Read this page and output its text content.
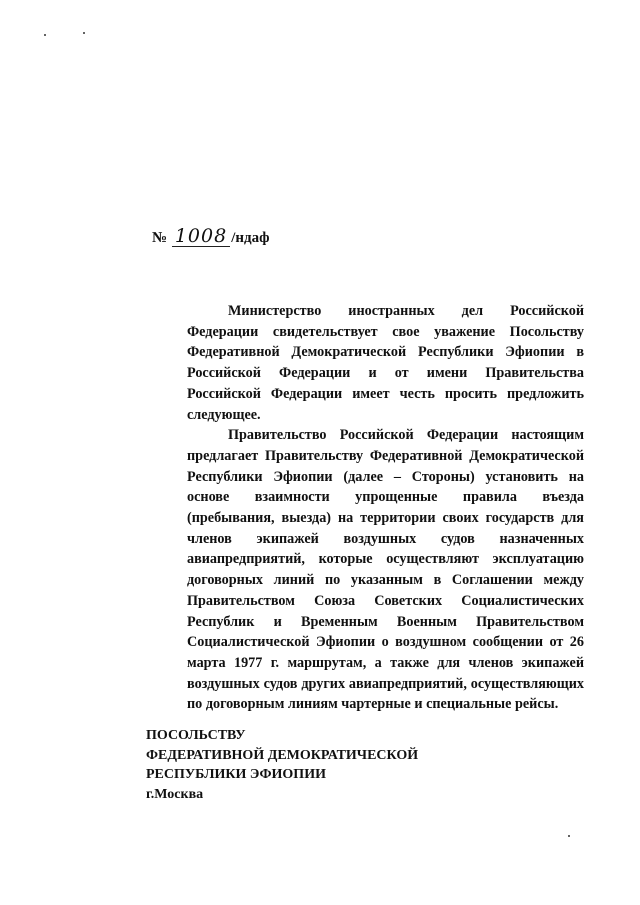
№ 1008 /ндаф

Министерство иностранных дел Российской Федерации свидетельствует свое уважение Посольству Федеративной Демократической Республики Эфиопии в Российской Федерации и от имени Правительства Российской Федерации имеет честь просить предложить следующее.

Правительство Российской Федерации настоящим предлагает Правительству Федеративной Демократической Республики Эфиопии (далее – Стороны) установить на основе взаимности упрощенные правила въезда (пребывания, выезда) на территории своих государств для членов экипажей воздушных судов назначенных авиапредприятий, которые осуществляют эксплуатацию договорных линий по указанным в Соглашении между Правительством Союза Советских Социалистических Республик и Временным Военным Правительством Социалистической Эфиопии о воздушном сообщении от 26 марта 1977 г. маршрутам, а также для членов экипажей воздушных судов других авиапредприятий, осуществляющих по договорным линиям чартерные и специальные рейсы.

ПОСОЛЬСТВУ
ФЕДЕРАТИВНОЙ ДЕМОКРАТИЧЕСКОЙ
РЕСПУБЛИКИ ЭФИОПИИ
г.Москва
